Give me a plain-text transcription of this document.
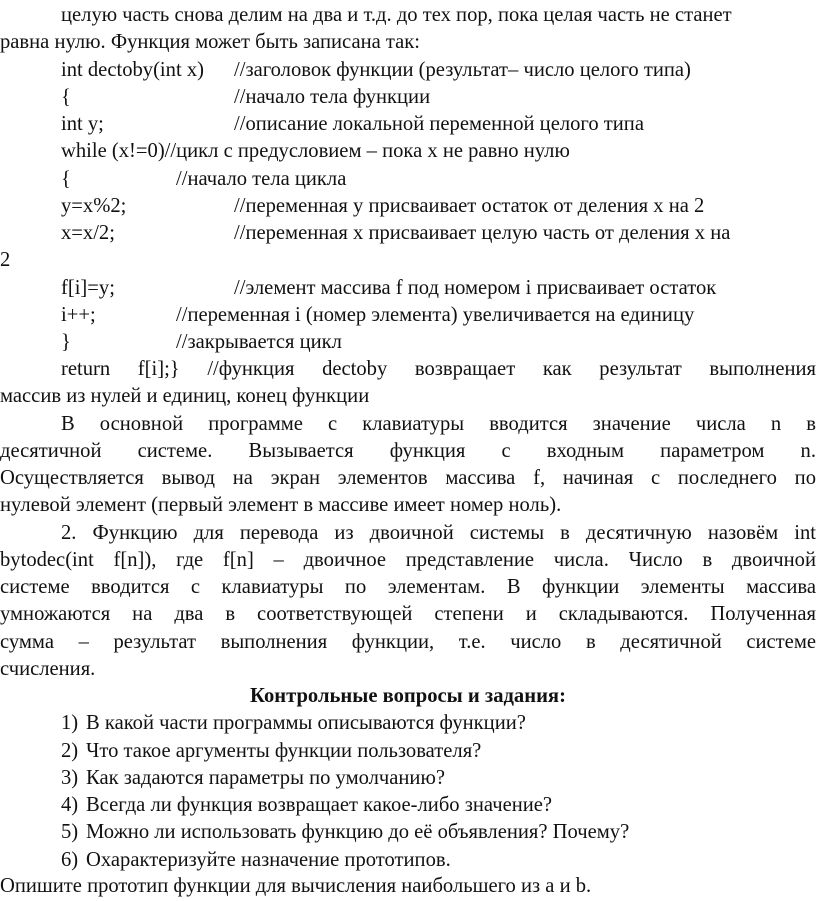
целую часть снова делим на два и т.д. до тех пор, пока целая часть не станет
равна нулю. Функция может быть записана так:
int dectoby(int x) //заголовок функции (результат– число целого типа)
{	//начало тела функции
int y;	//описание локальной переменной целого типа
while (x!=0)//цикл с предусловием – пока x не равно нулю
{	//начало тела цикла
y=x%2;	//переменная y присваивает остаток от деления x на 2
x=x/2;	//переменная x присваивает целую часть от деления x на
2
f[i]=y;	//элемент массива f под номером i присваивает остаток
i++;	//переменная i (номер элемента) увеличивается на единицу
}	//закрывается цикл
return f[i];} //функция dectoby возвращает как результат выполнения
массив из нулей и единиц, конец функции
В основной программе с клавиатуры вводится значение числа n в
десятичной системе. Вызывается функция с входным параметром n.
Осуществляется вывод на экран элементов массива f, начиная с последнего по
нулевой элемент (первый элемент в массиве имеет номер ноль).
2. Функцию для перевода из двоичной системы в десятичную назовём int
bytodec(int f[n]), где f[n] – двоичное представление числа. Число в двоичной
системе вводится с клавиатуры по элементам. В функции элементы массива
умножаются на два в соответствующей степени и складываются. Полученная
сумма – результат выполнения функции, т.е. число в десятичной системе
счисления.
Контрольные вопросы и задания:
1) В какой части программы описываются функции?
2) Что такое аргументы функции пользователя?
3) Как задаются параметры по умолчанию?
4) Всегда ли функция возвращает какое-либо значение?
5) Можно ли использовать функцию до её объявления? Почему?
6) Охарактеризуйте назначение прототипов.
Опишите прототип функции для вычисления наибольшего из a и b.
